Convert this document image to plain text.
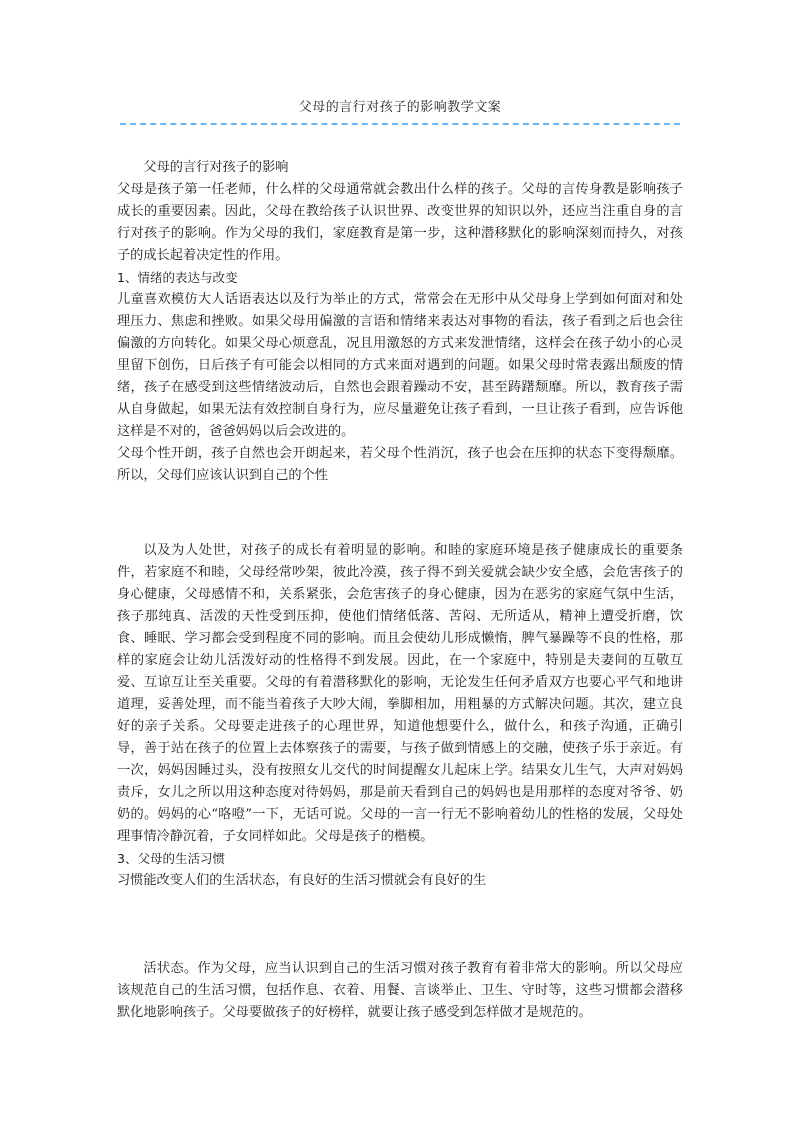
父母的言行对孩子的影响教学文案

父母的言行对孩子的影响

父母是孩子第一任老师，什么样的父母通常就会教出什么样的孩子。父母的言传身教是影响孩子成长的重要因素。因此，父母在教给孩子认识世界、改变世界的知识以外，还应当注重自身的言行对孩子的影响。作为父母的我们，家庭教育是第一步，这种潜移默化的影响深刻而持久，对孩子的成长起着决定性的作用。

1、情绪的表达与改变

儿童喜欢模仿大人话语表达以及行为举止的方式，常常会在无形中从父母身上学到如何面对和处理压力、焦虑和挫败。如果父母用偏激的言语和情绪来表达对事物的看法，孩子看到之后也会往偏激的方向转化。如果父母心烦意乱，况且用激怒的方式来发泄情绪，这样会在孩子幼小的心灵里留下创伤，日后孩子有可能会以相同的方式来面对遇到的问题。如果父母时常表露出颓废的情绪，孩子在感受到这些情绪波动后，自然也会跟着躁动不安，甚至踌躇颓靡。所以，教育孩子需从自身做起，如果无法有效控制自身行为，应尽量避免让孩子看到，一旦让孩子看到，应告诉他这样是不对的，爸爸妈妈以后会改进的。

父母个性开朗，孩子自然也会开朗起来，若父母个性消沉，孩子也会在压抑的状态下变得颓靡。所以，父母们应该认识到自己的个性

以及为人处世，对孩子的成长有着明显的影响。和睦的家庭环境是孩子健康成长的重要条件，若家庭不和睦，父母经常吵架，彼此冷漠，孩子得不到关爱就会缺少安全感，会危害孩子的身心健康，父母感情不和，关系紧张，会危害孩子的身心健康，因为在恶劣的家庭气氛中生活，孩子那纯真、活泼的天性受到压抑，使他们情绪低落、苦闷、无所适从，精神上遭受折磨，饮食、睡眠、学习都会受到程度不同的影响。而且会使幼儿形成懒惰，脾气暴躁等不良的性格，那样的家庭会让幼儿活泼好动的性格得不到发展。因此，在一个家庭中，特别是夫妻间的互敬互爱、互谅互让至关重要。父母的有着潜移默化的影响，无论发生任何矛盾双方也要心平气和地讲道理，妥善处理，而不能当着孩子大吵大闹，拳脚相加，用粗暴的方式解决问题。其次，建立良好的亲子关系。父母要走进孩子的心理世界，知道他想要什么，做什么，和孩子沟通，正确引导，善于站在孩子的位置上去体察孩子的需要，与孩子做到情感上的交融，使孩子乐于亲近。有一次，妈妈因睡过头，没有按照女儿交代的时间提醒女儿起床上学。结果女儿生气，大声对妈妈责斥，女儿之所以用这种态度对待妈妈，那是前天看到自己的妈妈也是用那样的态度对爷爷、奶奶的。妈妈的心“咯噔”一下，无话可说。父母的一言一行无不影响着幼儿的性格的发展，父母处理事情冷静沉着，子女同样如此。父母是孩子的楷模。

3、父母的生活习惯

习惯能改变人们的生活状态，有良好的生活习惯就会有良好的生

活状态。作为父母，应当认识到自己的生活习惯对孩子教育有着非常大的影响。所以父母应该规范自己的生活习惯，包括作息、衣着、用餐、言谈举止、卫生、守时等，这些习惯都会潜移默化地影响孩子。父母要做孩子的好榜样，就要让孩子感受到怎样做才是规范的。
